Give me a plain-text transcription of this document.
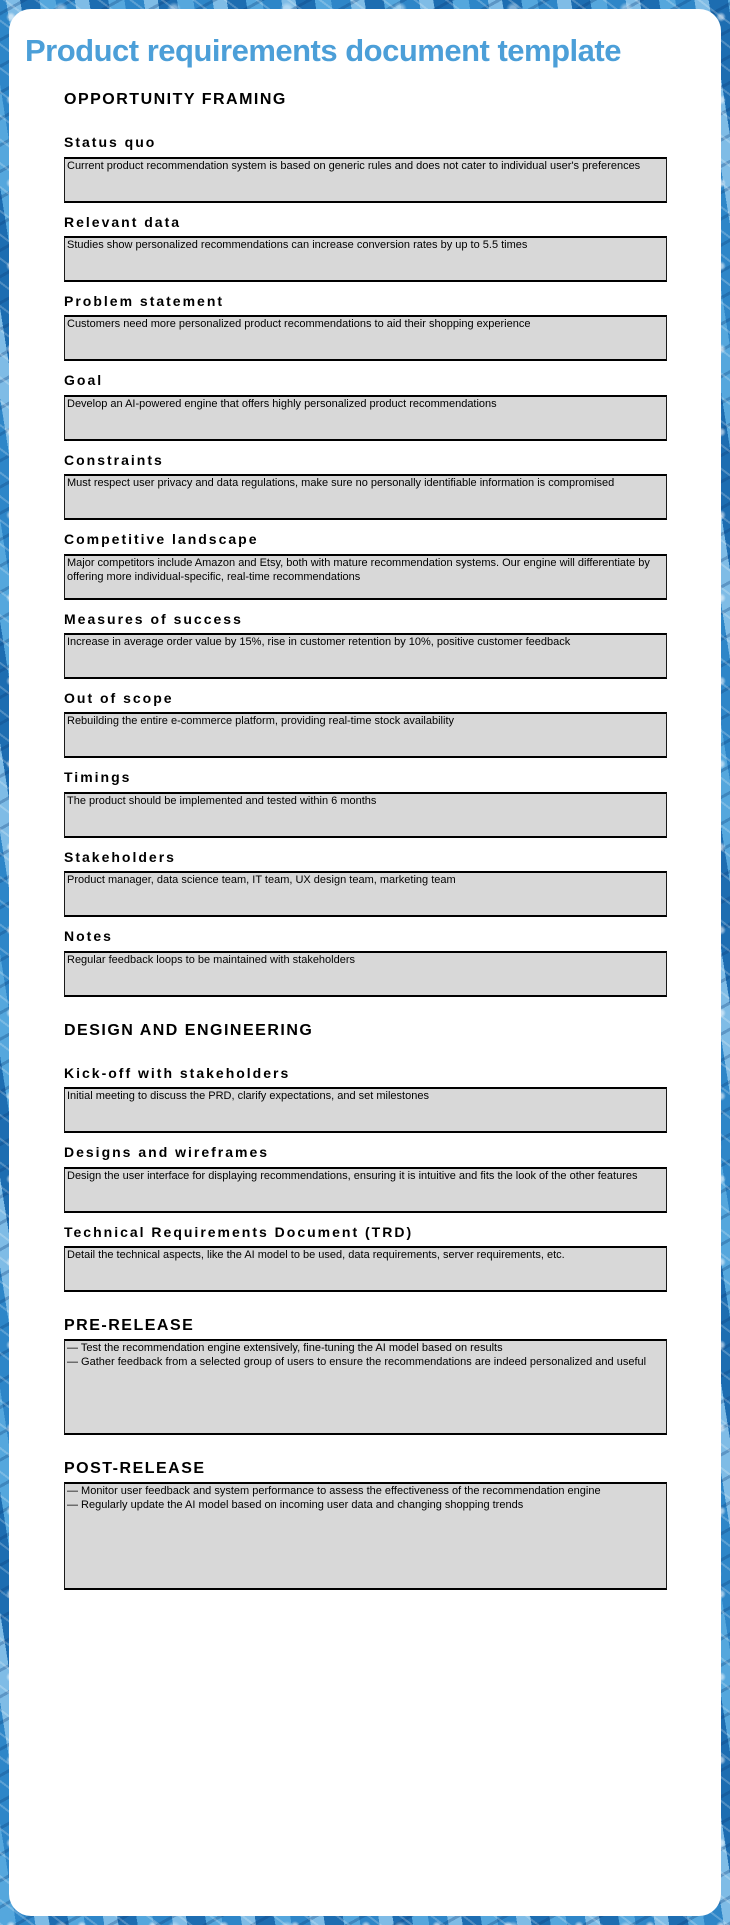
Product requirements document template
OPPORTUNITY FRAMING
Status quo
Current product recommendation system is based on generic rules and does not cater to individual user's preferences
Relevant data
Studies show personalized recommendations can increase conversion rates by up to 5.5 times
Problem statement
Customers need more personalized product recommendations to aid their shopping experience
Goal
Develop an AI-powered engine that offers highly personalized product recommendations
Constraints
Must respect user privacy and data regulations, make sure no personally identifiable information is compromised
Competitive landscape
Major competitors include Amazon and Etsy, both with mature recommendation systems. Our engine will differentiate by offering more individual-specific, real-time recommendations
Measures of success
Increase in average order value by 15%, rise in customer retention by 10%, positive customer feedback
Out of scope
Rebuilding the entire e-commerce platform, providing real-time stock availability
Timings
The product should be implemented and tested within 6 months
Stakeholders
Product manager, data science team, IT team, UX design team, marketing team
Notes
Regular feedback loops to be maintained with stakeholders
DESIGN AND ENGINEERING
Kick-off with stakeholders
Initial meeting to discuss the PRD, clarify expectations, and set milestones
Designs and wireframes
Design the user interface for displaying recommendations, ensuring it is intuitive and fits the look of the other features
Technical Requirements Document (TRD)
Detail the technical aspects, like the AI model to be used, data requirements, server requirements, etc.
PRE-RELEASE
— Test the recommendation engine extensively, fine-tuning the AI model based on results — Gather feedback from a selected group of users to ensure the recommendations are indeed personalized and useful
POST-RELEASE
— Monitor user feedback and system performance to assess the effectiveness of the recommendation engine — Regularly update the AI model based on incoming user data and changing shopping trends
